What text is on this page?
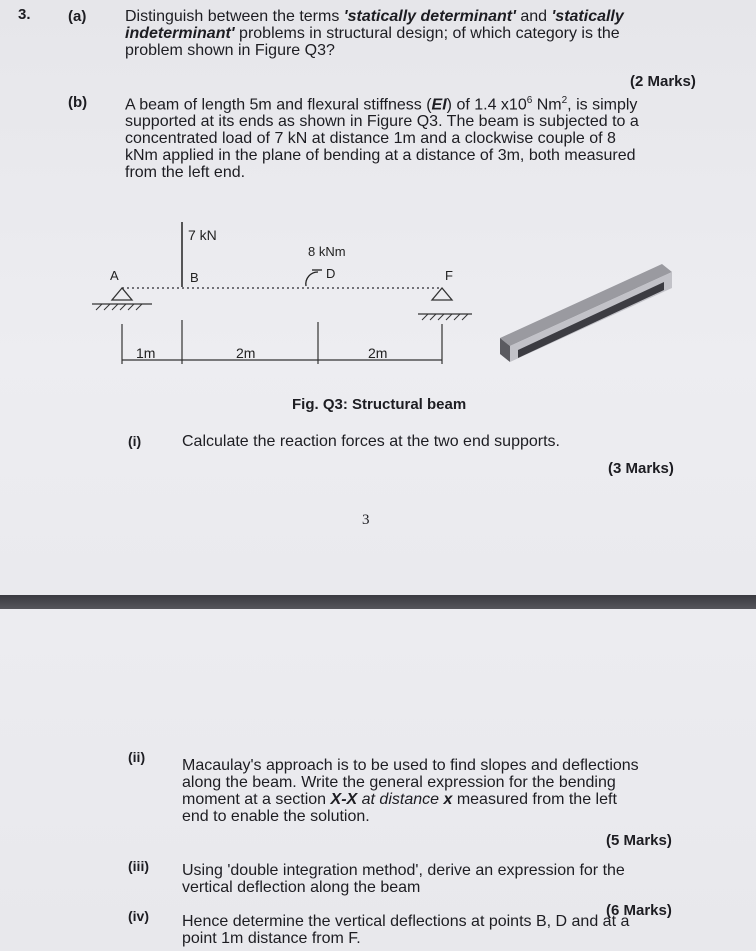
3. (a) Distinguish between the terms 'statically determinant' and 'statically
indeterminant' problems in structural design; of which category is the
problem shown in Figure Q3?
(2 Marks)
(b) A beam of length 5m and flexural stiffness (EI) of 1.4 $x10^6$ Nm$^2$, is simply
supported at its ends as shown in Figure Q3. The beam is subjected to a
concentrated load of 7 kN at distance 1m and a clockwise couple of 8
kNm applied in the plane of bending at a distance of 3m, both measured
from the left end.
7 kN
8 kNm
A	B	D	F
1m	2m	2m
Fig. Q3: Structural beam
(i)	Calculate the reaction forces at the two end supports.
(3 Marks)
3
(ii) Macaulay's approach is to be used to find slopes and deflections
along the beam. Write the general expression for the bending
moment at a section X-X at distance x measured from the left
end to enable the solution.
(5 Marks)
(iii) Using 'double integration method', derive an expression for the
vertical deflection along the beam
(6 Marks)
(iv) Hence determine the vertical deflections at points B, D and at a
point 1m distance from F.
